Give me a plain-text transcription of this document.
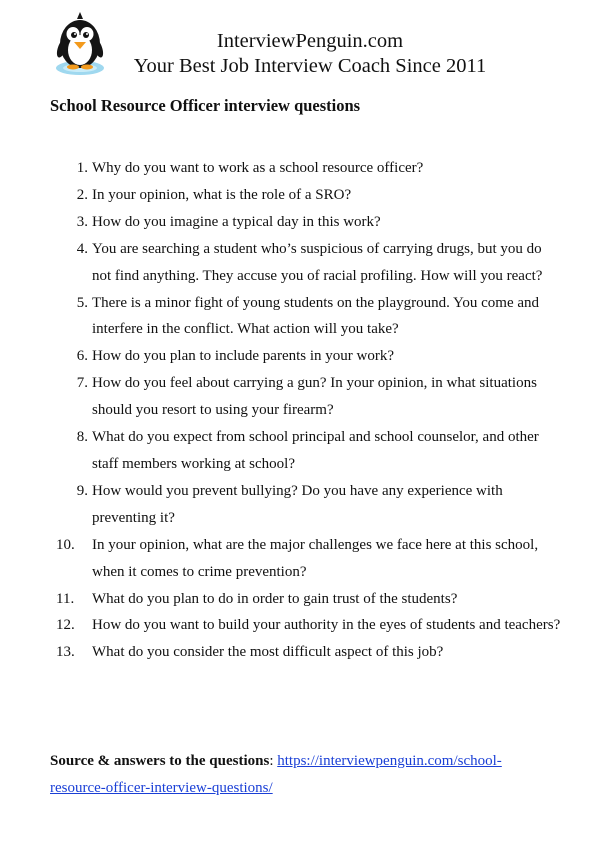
InterviewPenguin.com
Your Best Job Interview Coach Since 2011
School Resource Officer interview questions
1. Why do you want to work as a school resource officer?
2. In your opinion, what is the role of a SRO?
3. How do you imagine a typical day in this work?
4. You are searching a student who’s suspicious of carrying drugs, but you do not find anything. They accuse you of racial profiling. How will you react?
5. There is a minor fight of young students on the playground. You come and interfere in the conflict. What action will you take?
6. How do you plan to include parents in your work?
7. How do you feel about carrying a gun? In your opinion, in what situations should you resort to using your firearm?
8. What do you expect from school principal and school counselor, and other staff members working at school?
9. How would you prevent bullying? Do you have any experience with preventing it?
10.	In your opinion, what are the major challenges we face here at this school, when it comes to crime prevention?
11.	What do you plan to do in order to gain trust of the students?
12.	How do you want to build your authority in the eyes of students and teachers?
13.	What do you consider the most difficult aspect of this job?

Source & answers to the questions: https://interviewpenguin.com/school-resource-officer-interview-questions/
